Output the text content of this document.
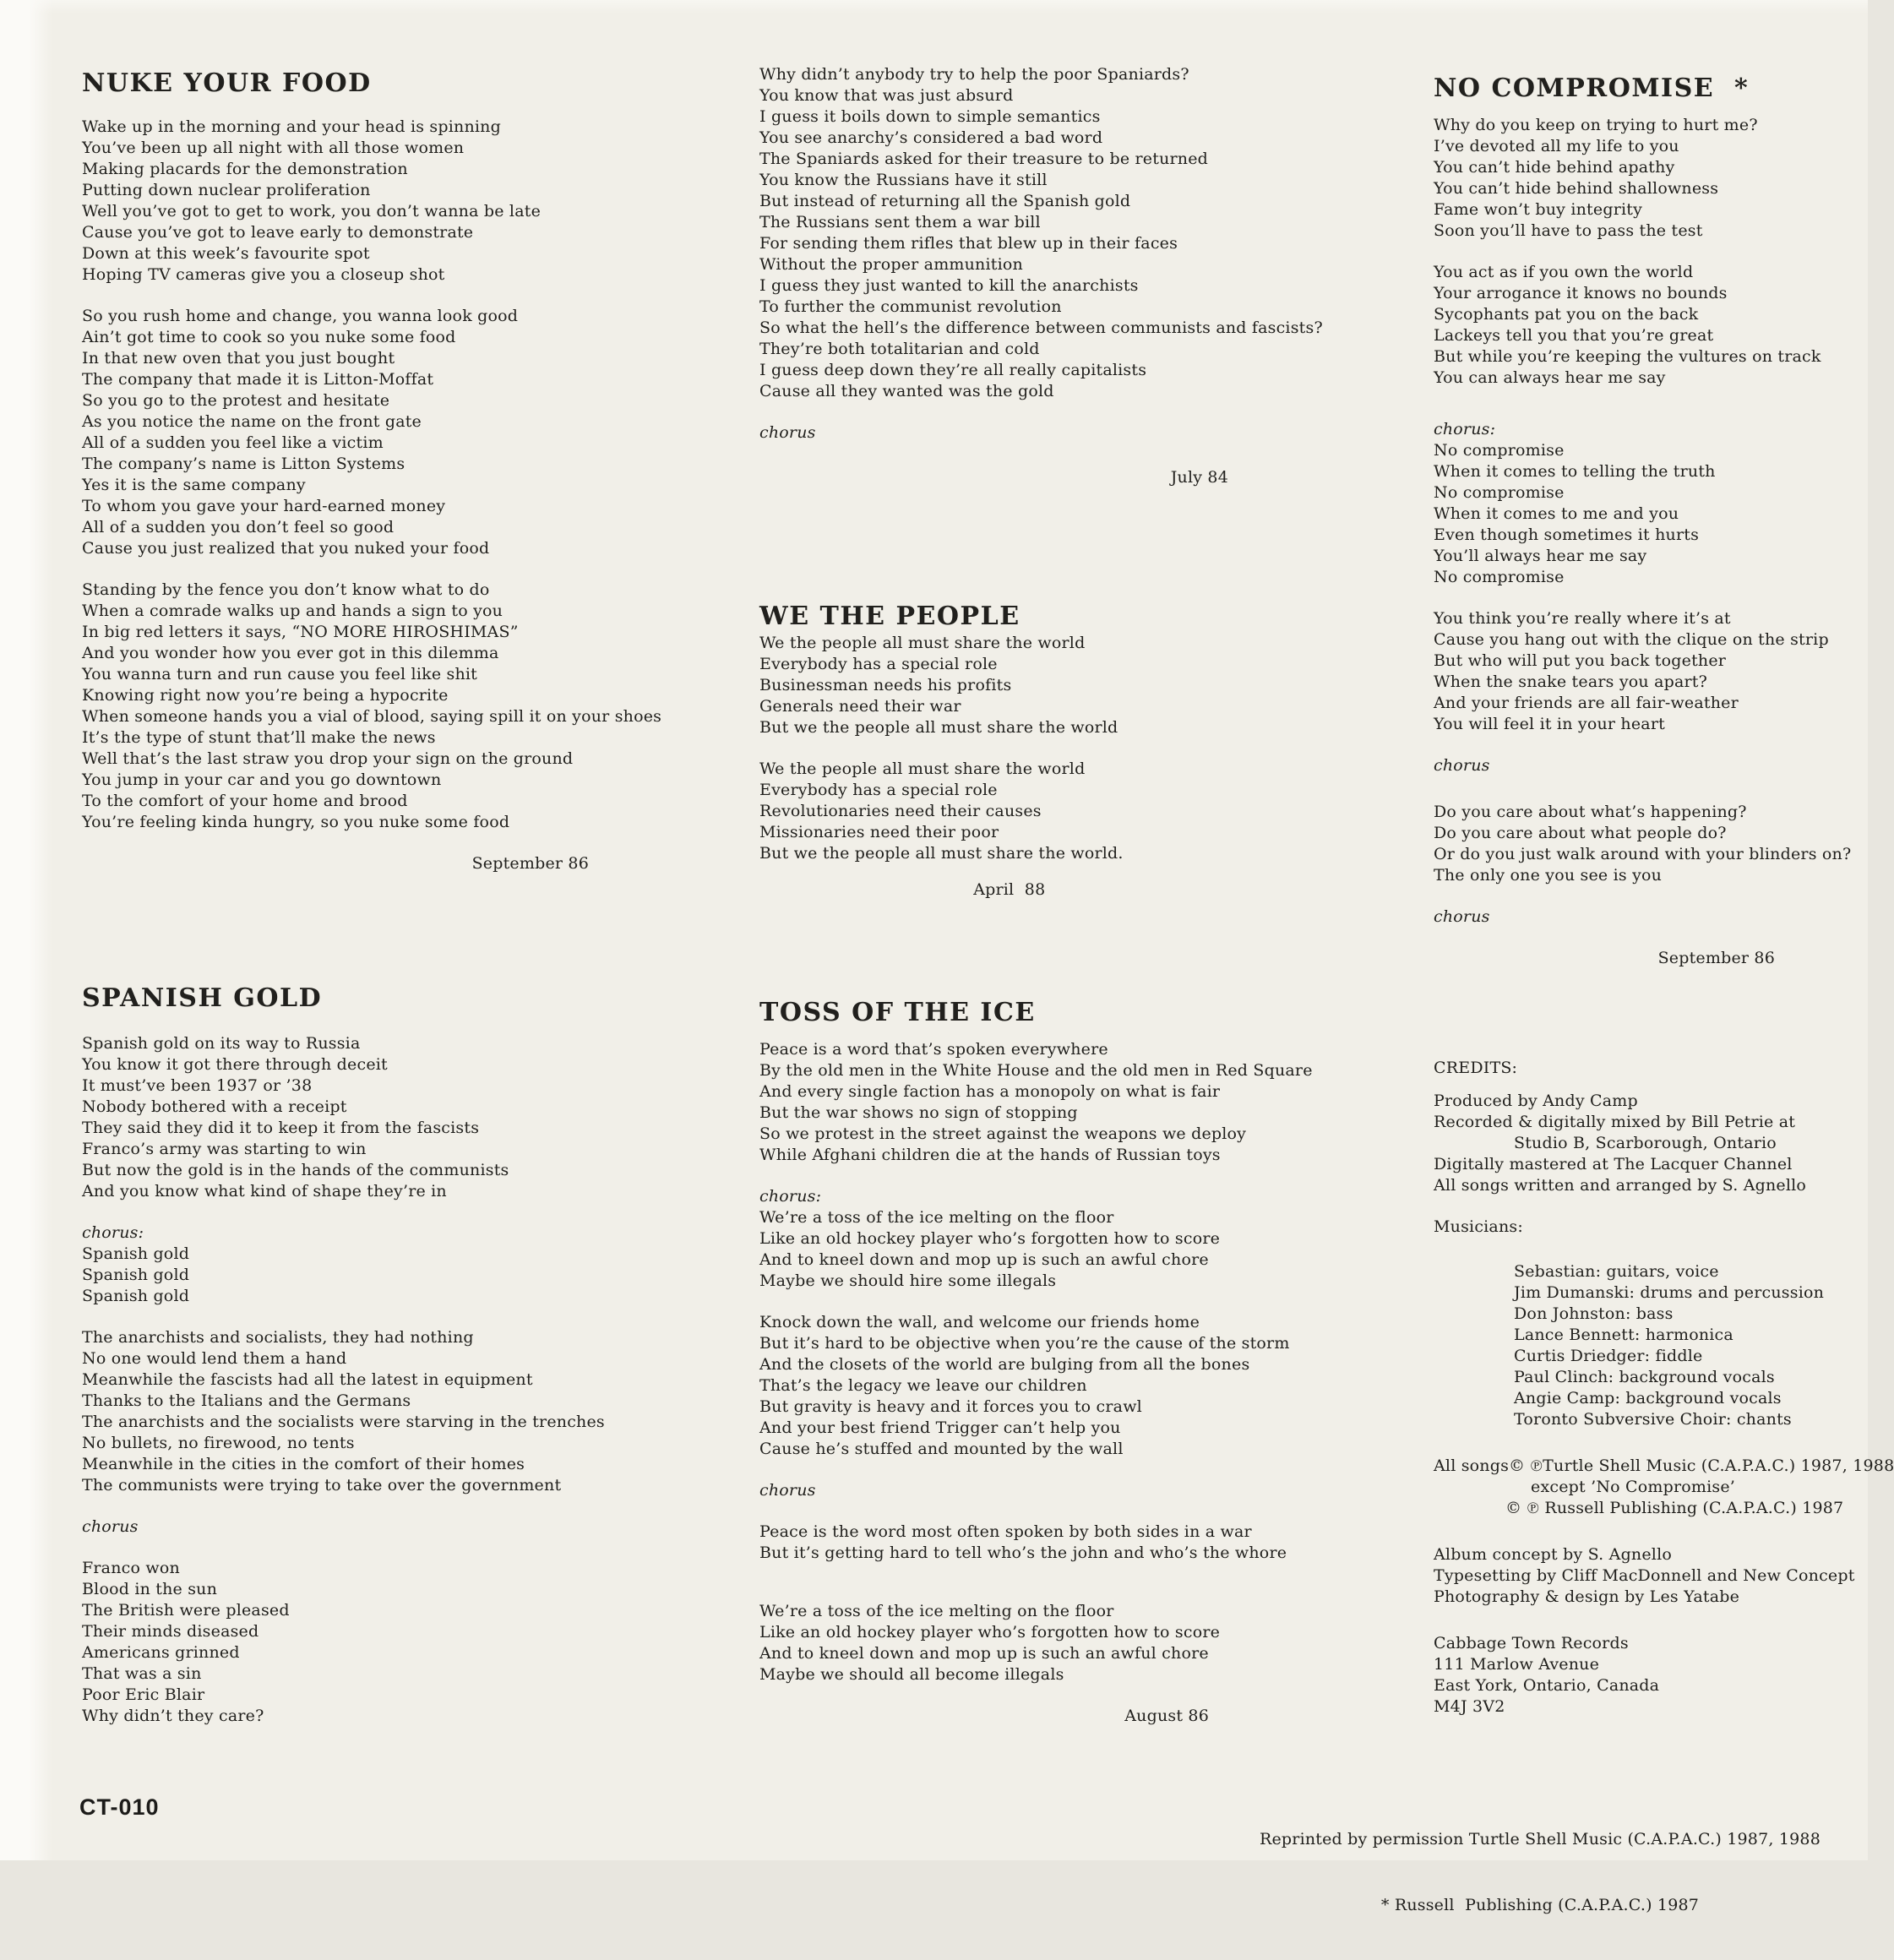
NUKE YOUR FOOD
Wake up in the morning and your head is spinning
You’ve been up all night with all those women
Making placards for the demonstration
Putting down nuclear proliferation
Well you’ve got to get to work, you don’t wanna be late
Cause you’ve got to leave early to demonstrate
Down at this week’s favourite spot
Hoping TV cameras give you a closeup shot
So you rush home and change, you wanna look good
Ain’t got time to cook so you nuke some food
In that new oven that you just bought
The company that made it is Litton-Moffat
So you go to the protest and hesitate
As you notice the name on the front gate
All of a sudden you feel like a victim
The company’s name is Litton Systems
Yes it is the same company
To whom you gave your hard-earned money
All of a sudden you don’t feel so good
Cause you just realized that you nuked your food
Standing by the fence you don’t know what to do
When a comrade walks up and hands a sign to you
In big red letters it says, “NO MORE HIROSHIMAS”
And you wonder how you ever got in this dilemma
You wanna turn and run cause you feel like shit
Knowing right now you’re being a hypocrite
When someone hands you a vial of blood, saying spill it on your shoes
It’s the type of stunt that’ll make the news
Well that’s the last straw you drop your sign on the ground
You jump in your car and you go downtown
To the comfort of your home and brood
You’re feeling kinda hungry, so you nuke some food
September 86
SPANISH GOLD
Spanish gold on its way to Russia
You know it got there through deceit
It must’ve been 1937 or ’38
Nobody bothered with a receipt
They said they did it to keep it from the fascists
Franco’s army was starting to win
But now the gold is in the hands of the communists
And you know what kind of shape they’re in
chorus:
Spanish gold
Spanish gold
Spanish gold
The anarchists and socialists, they had nothing
No one would lend them a hand
Meanwhile the fascists had all the latest in equipment
Thanks to the Italians and the Germans
The anarchists and the socialists were starving in the trenches
No bullets, no firewood, no tents
Meanwhile in the cities in the comfort of their homes
The communists were trying to take over the government
chorus
Franco won
Blood in the sun
The British were pleased
Their minds diseased
Americans grinned
That was a sin
Poor Eric Blair
Why didn’t they care?
Why didn’t anybody try to help the poor Spaniards?
You know that was just absurd
I guess it boils down to simple semantics
You see anarchy’s considered a bad word
The Spaniards asked for their treasure to be returned
You know the Russians have it still
But instead of returning all the Spanish gold
The Russians sent them a war bill
For sending them rifles that blew up in their faces
Without the proper ammunition
I guess they just wanted to kill the anarchists
To further the communist revolution
So what the hell’s the difference between communists and fascists?
They’re both totalitarian and cold
I guess deep down they’re all really capitalists
Cause all they wanted was the gold
chorus
July 84
WE THE PEOPLE
We the people all must share the world
Everybody has a special role
Businessman needs his profits
Generals need their war
But we the people all must share the world
We the people all must share the world
Everybody has a special role
Revolutionaries need their causes
Missionaries need their poor
But we the people all must share the world.
April  88
TOSS OF THE ICE
Peace is a word that’s spoken everywhere
By the old men in the White House and the old men in Red Square
And every single faction has a monopoly on what is fair
But the war shows no sign of stopping
So we protest in the street against the weapons we deploy
While Afghani children die at the hands of Russian toys
chorus:
We’re a toss of the ice melting on the floor
Like an old hockey player who’s forgotten how to score
And to kneel down and mop up is such an awful chore
Maybe we should hire some illegals
Knock down the wall, and welcome our friends home
But it’s hard to be objective when you’re the cause of the storm
And the closets of the world are bulging from all the bones
That’s the legacy we leave our children
But gravity is heavy and it forces you to crawl
And your best friend Trigger can’t help you
Cause he’s stuffed and mounted by the wall
chorus
Peace is the word most often spoken by both sides in a war
But it’s getting hard to tell who’s the john and who’s the whore
We’re a toss of the ice melting on the floor
Like an old hockey player who’s forgotten how to score
And to kneel down and mop up is such an awful chore
Maybe we should all become illegals
August 86
NO COMPROMISE  *
Why do you keep on trying to hurt me?
I’ve devoted all my life to you
You can’t hide behind apathy
You can’t hide behind shallowness
Fame won’t buy integrity
Soon you’ll have to pass the test
You act as if you own the world
Your arrogance it knows no bounds
Sycophants pat you on the back
Lackeys tell you that you’re great
But while you’re keeping the vultures on track
You can always hear me say
chorus:
No compromise
When it comes to telling the truth
No compromise
When it comes to me and you
Even though sometimes it hurts
You’ll always hear me say
No compromise
You think you’re really where it’s at
Cause you hang out with the clique on the strip
But who will put you back together
When the snake tears you apart?
And your friends are all fair-weather
You will feel it in your heart
chorus
Do you care about what’s happening?
Do you care about what people do?
Or do you just walk around with your blinders on?
The only one you see is you
chorus
September 86
CREDITS:
Produced by Andy Camp
Recorded & digitally mixed by Bill Petrie at
Studio B, Scarborough, Ontario
Digitally mastered at The Lacquer Channel
All songs written and arranged by S. Agnello
Musicians:
Sebastian: guitars, voice
Jim Dumanski: drums and percussion
Don Johnston: bass
Lance Bennett: harmonica
Curtis Driedger: fiddle
Paul Clinch: background vocals
Angie Camp: background vocals
Toronto Subversive Choir: chants
All songs© ℗Turtle Shell Music (C.A.P.A.C.) 1987, 1988
except ’No Compromise’
© ℗ Russell Publishing (C.A.P.A.C.) 1987
Album concept by S. Agnello
Typesetting by Cliff MacDonnell and New Concept
Photography & design by Les Yatabe
Cabbage Town Records
111 Marlow Avenue
East York, Ontario, Canada
M4J 3V2
CT-010

Reprinted by permission Turtle Shell Music (C.A.P.A.C.) 1987, 1988

* Russell  Publishing (C.A.P.A.C.) 1987
